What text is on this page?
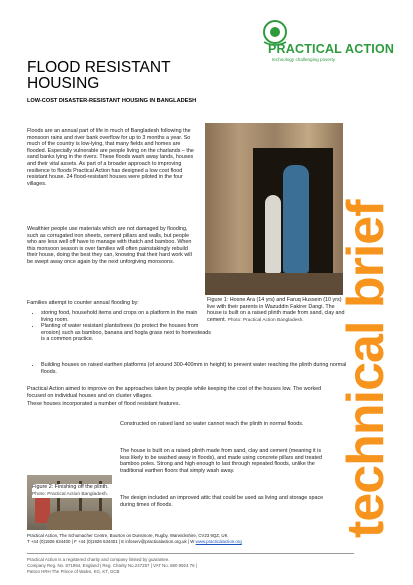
PRACTICAL ACTION
technology challenging poverty
FLOOD RESISTANT
HOUSING
LOW-COST DISASTER-RESISTANT HOUSING IN BANGLADESH

Floods are an annual part of life in much of Bangladesh following the monsoon rains and river bank overflow for up to 3 months a year. So much of the country is low-lying, that many fields and homes are flooded. Especially vulnerable are people living on the charlands – the sand banks lying in the rivers. These floods wash away lands, houses and their vital assets. As part of a broader approach to improving resilience to floods Practical Action has designed a low cost flood resistant house. 24 flood-resistant houses were piloted in the four villages.

Wealthier people use materials which are not damaged by flooding, such as corrugated iron sheets, cement pillars and walls, but people who are less well off have to manage with thatch and bamboo. When this monsoon season is over families will often painstakingly rebuild their house, doing the best they can, knowing that their hard work will be swept away once again by the next unforgiving monsoons.

Families attempt to counter annual flooding by:

• storing food, household items and crops on a platform in the main living room.
• Planting of water resistant plants/trees (to protect the houses from erosion) such as bamboo, banana and hogla grass next to homesteads is a common practice.
• Building houses on raised earthen platforms (of around 300-400mm in height) to prevent water reaching the plinth during normal floods.
Figure 1: Hosne Ara (14 yrs) and Faruq Hussein (10 yrs) live with their parents in Wazuddin Fakirer Dangi. The house is built on a raised plinth made from sand, clay and cement. Photo: Practical Action Bangladesh.

Practical Action aimed to improve on the approaches taken by people while keeping the cost of the houses low. The worked focused on individual houses and on cluster villages.

These houses incorporated a number of flood resistant features.

Constructed on raised land so water cannot reach the plinth in normal floods.

The house is built on a raised plinth made from sand, clay and cement (meaning it is less likely to be washed away in floods), and made using concrete pillars and treated bamboo poles. Strong and high enough to last through repeated floods, unlike the traditional earthen floors that simply wash away.

The design included an improved attic that could be used as living and storage space during times of floods.

Figure 2: Finishing off the plinth. Photo: Practical Action Bangladesh.	technical brief
Practical Action, The Schumacher Centre, Bourton on Dunsmore, Rugby, Warwickshire, CV23 9QZ, UK
T +44 (0)1926 634400 | F +44 (0)1926 634401 | E infoserv@practicalaction.org.uk | W www.practicalaction.org
Practical Action is a registered charity and company limited by guarantee.
Company Reg. No. 871954, England | Reg. Charity No.247257 | VAT No. 880 9924 76 |
Patron HRH The Prince of Wales, KG, KT, GCB
